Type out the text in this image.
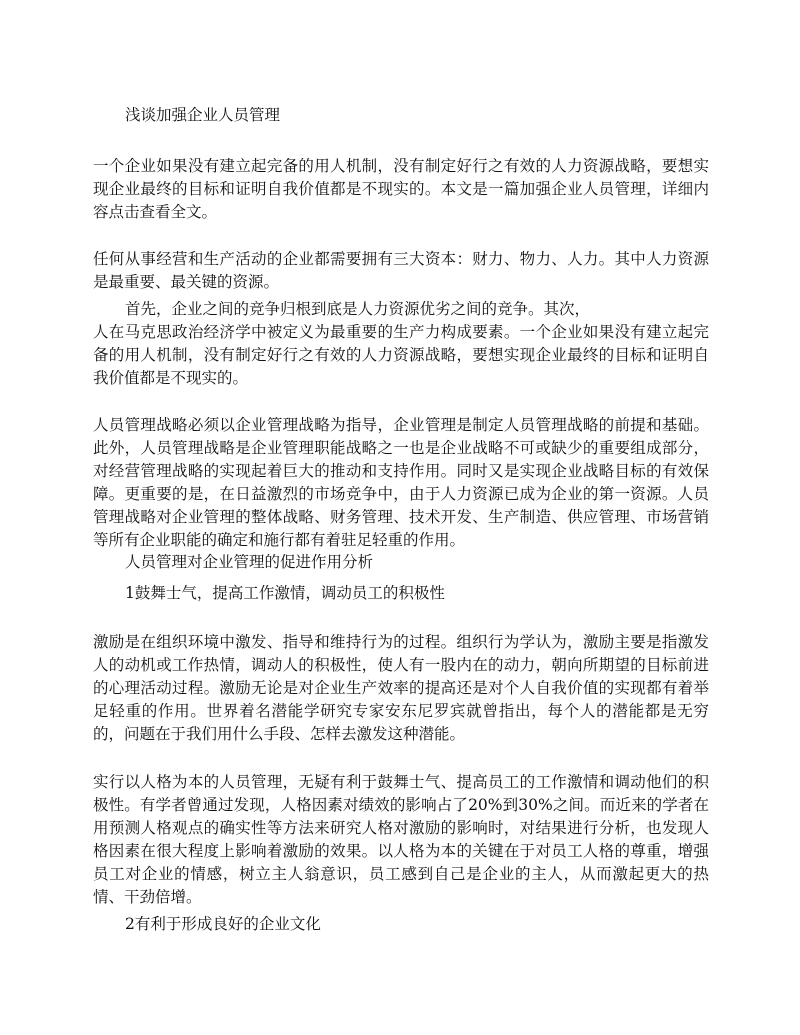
浅谈加强企业人员管理

一个企业如果没有建立起完备的用人机制，没有制定好行之有效的人力资源战略，要想实现企业最终的目标和证明自我价值都是不现实的。本文是一篇加强企业人员管理，详细内容点击查看全文。

任何从事经营和生产活动的企业都需要拥有三大资本：财力、物力、人力。其中人力资源是最重要、最关键的资源。

首先，企业之间的竞争归根到底是人力资源优劣之间的竞争。其次，

人在马克思政治经济学中被定义为最重要的生产力构成要素。一个企业如果没有建立起完备的用人机制，没有制定好行之有效的人力资源战略，要想实现企业最终的目标和证明自我价值都是不现实的。

人员管理战略必须以企业管理战略为指导，企业管理是制定人员管理战略的前提和基础。此外，人员管理战略是企业管理职能战略之一也是企业战略不可或缺少的重要组成部分，对经营管理战略的实现起着巨大的推动和支持作用。同时又是实现企业战略目标的有效保障。更重要的是，在日益激烈的市场竞争中，由于人力资源已成为企业的第一资源。人员管理战略对企业管理的整体战略、财务管理、技术开发、生产制造、供应管理、市场营销等所有企业职能的确定和施行都有着驻足轻重的作用。

人员管理对企业管理的促进作用分析

1鼓舞士气，提高工作激情，调动员工的积极性

激励是在组织环境中激发、指导和维持行为的过程。组织行为学认为，激励主要是指激发人的动机或工作热情，调动人的积极性，使人有一股内在的动力，朝向所期望的目标前进的心理活动过程。激励无论是对企业生产效率的提高还是对个人自我价值的实现都有着举足轻重的作用。世界着名潜能学研究专家安东尼罗宾就曾指出，每个人的潜能都是无穷的，问题在于我们用什么手段、怎样去激发这种潜能。

实行以人格为本的人员管理，无疑有利于鼓舞士气、提高员工的工作激情和调动他们的积极性。有学者曾通过发现，人格因素对绩效的影响占了20%到30%之间。而近来的学者在用预测人格观点的确实性等方法来研究人格对激励的影响时，对结果进行分析，也发现人格因素在很大程度上影响着激励的效果。以人格为本的关键在于对员工人格的尊重，增强员工对企业的情感，树立主人翁意识，员工感到自己是企业的主人，从而激起更大的热情、干劲倍增。

2有利于形成良好的企业文化
